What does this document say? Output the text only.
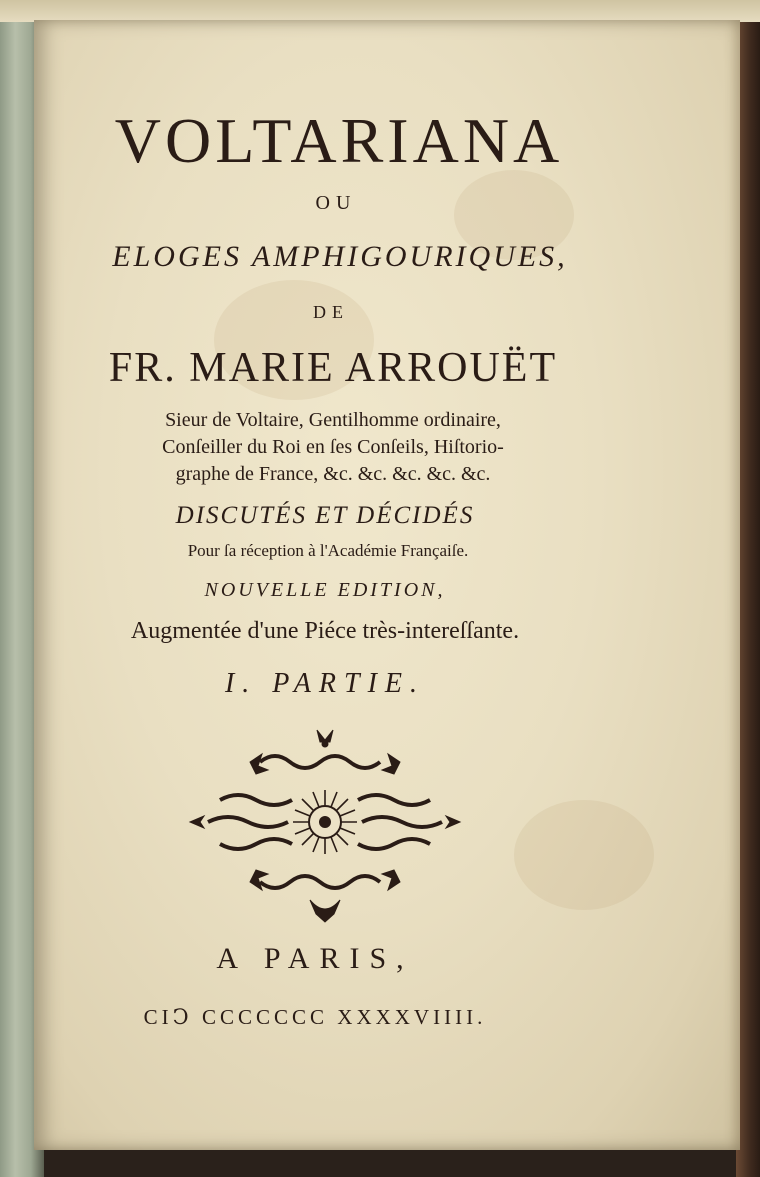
VOLTARIANA
OU
ELOGES AMPHIGOURIQUES,
DE
FR. MARIE ARROUËT
Sieur de Voltaire, Gentilhomme ordinaire,
Conſeiller du Roi en ſes Conſeils, Hiſtorio-
graphe de France, &c. &c. &c. &c. &c.
DISCUTÉS ET DÉCIDÉS
Pour ſa réception à l'Académie Françaiſe.
NOUVELLE EDITION,
Augmentée d'une Piéce très-intereſſante.
I. PARTIE.
A PARIS,
CIↃ CCCCCCC XXXXVIIII.
